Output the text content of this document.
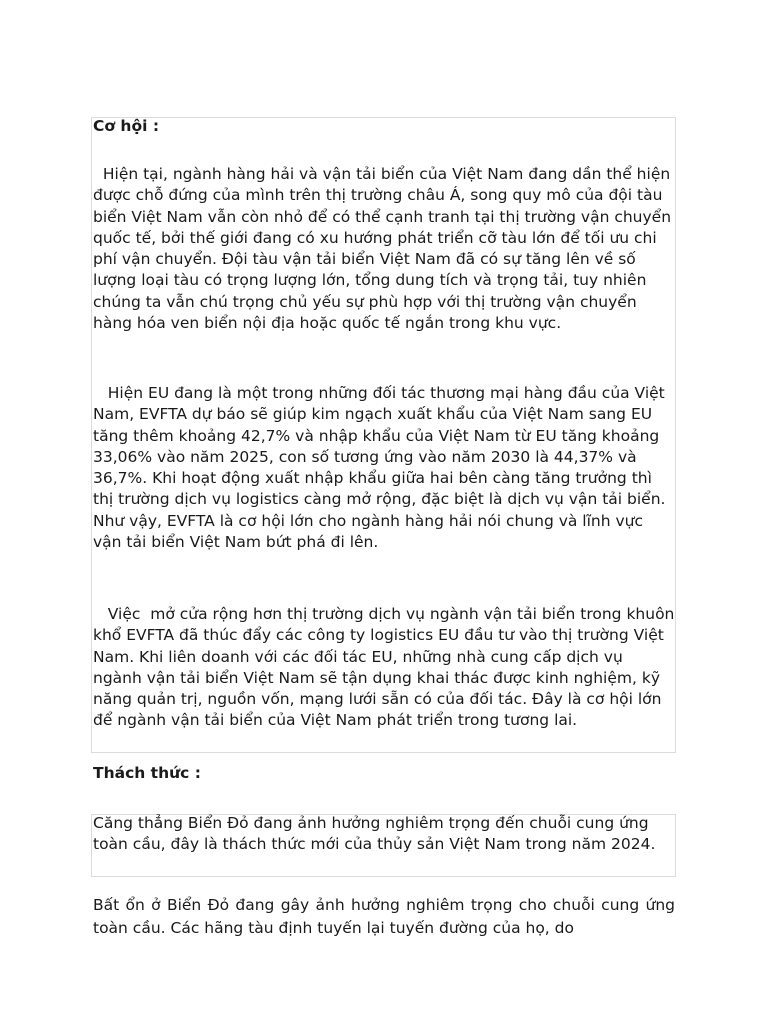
Cơ hội :

Hiện tại, ngành hàng hải và vận tải biển của Việt Nam đang dần thể hiện được chỗ đứng của mình trên thị trường châu Á, song quy mô của đội tàu biển Việt Nam vẫn còn nhỏ để có thể cạnh tranh tại thị trường vận chuyển quốc tế, bởi thế giới đang có xu hướng phát triển cỡ tàu lớn để tối ưu chi phí vận chuyển. Đội tàu vận tải biển Việt Nam đã có sự tăng lên về số lượng loại tàu có trọng lượng lớn, tổng dung tích và trọng tải, tuy nhiên chúng ta vẫn chú trọng chủ yếu sự phù hợp với thị trường vận chuyển hàng hóa ven biển nội địa hoặc quốc tế ngắn trong khu vực.

Hiện EU đang là một trong những đối tác thương mại hàng đầu của Việt Nam, EVFTA dự báo sẽ giúp kim ngạch xuất khẩu của Việt Nam sang EU tăng thêm khoảng 42,7% và nhập khẩu của Việt Nam từ EU tăng khoảng 33,06% vào năm 2025, con số tương ứng vào năm 2030 là 44,37% và 36,7%. Khi hoạt động xuất nhập khẩu giữa hai bên càng tăng trưởng thì thị trường dịch vụ logistics càng mở rộng, đặc biệt là dịch vụ vận tải biển. Như vậy, EVFTA là cơ hội lớn cho ngành hàng hải nói chung và lĩnh vực vận tải biển Việt Nam bứt phá đi lên.

Việc  mở cửa rộng hơn thị trường dịch vụ ngành vận tải biển trong khuôn khổ EVFTA đã thúc đẩy các công ty logistics EU đầu tư vào thị trường Việt Nam. Khi liên doanh với các đối tác EU, những nhà cung cấp dịch vụ ngành vận tải biển Việt Nam sẽ tận dụng khai thác được kinh nghiệm, kỹ năng quản trị, nguồn vốn, mạng lưới sẵn có của đối tác. Đây là cơ hội lớn để ngành vận tải biển của Việt Nam phát triển trong tương lai.

Thách thức :

Căng thẳng Biển Đỏ đang ảnh hưởng nghiêm trọng đến chuỗi cung ứng toàn cầu, đây là thách thức mới của thủy sản Việt Nam trong năm 2024.

Bất ổn ở Biển Đỏ đang gây ảnh hưởng nghiêm trọng cho chuỗi cung ứng toàn cầu. Các hãng tàu định tuyến lại tuyến đường của họ, do
